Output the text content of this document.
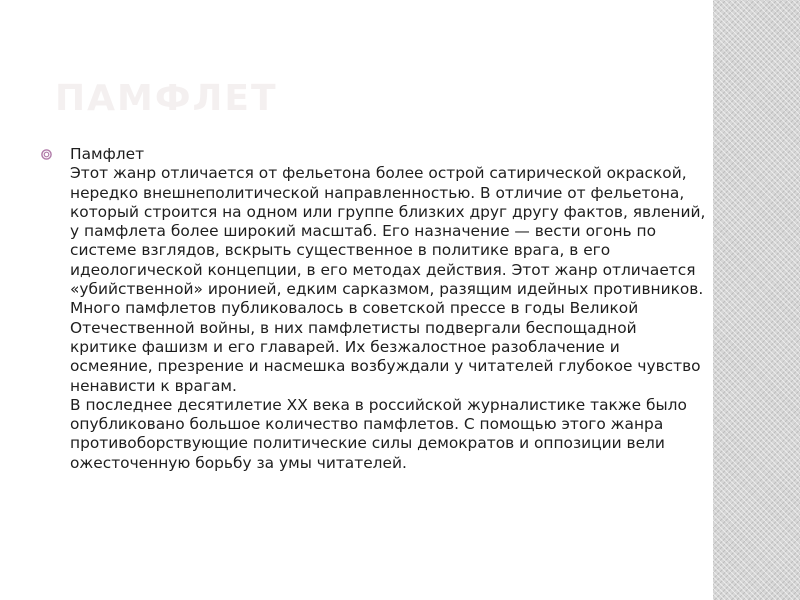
ПАМФЛЕТ
Памфлет
Этот жанр отличается от фельетона более острой сатирической окраской, нередко внешнеполитической направленностью. В отличие от фельетона, который строится на одном или группе близких друг другу фактов, явлений, у памфлета более широкий масштаб. Его назначение — вести огонь по системе взглядов, вскрыть существенное в политике врага, в его идеологической концепции, в его методах действия. Этот жанр отличается «убийственной» иронией, едким сарказмом, разящим идейных противников. Много памфлетов публиковалось в советской прессе в годы Великой Отечественной войны, в них памфлетисты подвергали беспощадной критике фашизм и его главарей. Их безжалостное разоблачение и осмеяние, презрение и насмешка возбуждали у читателей глубокое чувство ненависти к врагам.
В последнее десятилетие XX века в российской журналистике также было опубликовано большое количество памфлетов. С помощью этого жанра противоборствующие политические силы демократов и оппозиции вели ожесточенную борьбу за умы читателей.
